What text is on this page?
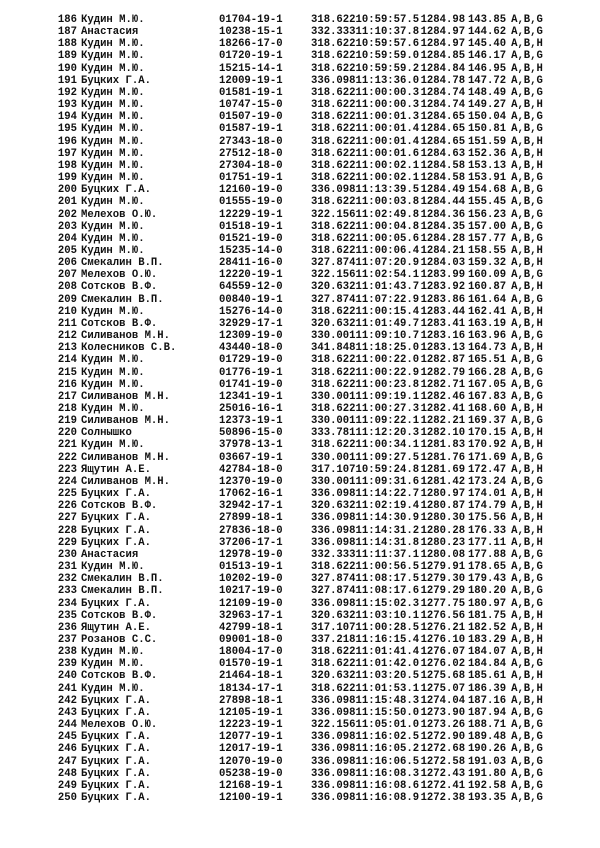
186	Кудин М.Ю.	01704-19-1	318.622	10:59:57.5	1284.98	143.85	A,B,G
187	Анастасия	10238-15-1	332.333	11:10:37.8	1284.97	144.62	A,B,G
188	Кудин М.Ю.	18266-17-0	318.622	10:59:57.6	1284.97	145.40	A,B,H
189	Кудин М.Ю.	01720-19-1	318.622	10:59:59.0	1284.85	146.17	A,B,G
190	Кудин М.Ю.	15215-14-1	318.622	10:59:59.2	1284.84	146.95	A,B,H
191	Буцких Г.А.	12009-19-1	336.098	11:13:36.0	1284.78	147.72	A,B,G
192	Кудин М.Ю.	01581-19-1	318.622	11:00:00.3	1284.74	148.49	A,B,G
193	Кудин М.Ю.	10747-15-0	318.622	11:00:00.3	1284.74	149.27	A,B,H
194	Кудин М.Ю.	01507-19-0	318.622	11:00:01.3	1284.65	150.04	A,B,G
195	Кудин М.Ю.	01587-19-1	318.622	11:00:01.4	1284.65	150.81	A,B,G
196	Кудин М.Ю.	27343-18-0	318.622	11:00:01.4	1284.65	151.59	A,B,H
197	Кудин М.Ю.	27512-18-0	318.622	11:00:01.6	1284.63	152.36	A,B,H
198	Кудин М.Ю.	27304-18-0	318.622	11:00:02.1	1284.58	153.13	A,B,H
199	Кудин М.Ю.	01751-19-1	318.622	11:00:02.1	1284.58	153.91	A,B,G
200	Буцких Г.А.	12160-19-0	336.098	11:13:39.5	1284.49	154.68	A,B,G
201	Кудин М.Ю.	01555-19-0	318.622	11:00:03.8	1284.44	155.45	A,B,G
202	Мелехов О.Ю.	12229-19-1	322.156	11:02:49.8	1284.36	156.23	A,B,G
203	Кудин М.Ю.	01518-19-1	318.622	11:00:04.8	1284.35	157.00	A,B,G
204	Кудин М.Ю.	01521-19-0	318.622	11:00:05.6	1284.28	157.77	A,B,G
205	Кудин М.Ю.	15235-14-0	318.622	11:00:06.4	1284.21	158.55	A,B,H
206	Смекалин В.П.	28411-16-0	327.874	11:07:20.9	1284.03	159.32	A,B,H
207	Мелехов О.Ю.	12220-19-1	322.156	11:02:54.1	1283.99	160.09	A,B,G
208	Сотсков В.Ф.	64559-12-0	320.632	11:01:43.7	1283.92	160.87	A,B,H
209	Смекалин В.П.	00840-19-1	327.874	11:07:22.9	1283.86	161.64	A,B,G
210	Кудин М.Ю.	15276-14-0	318.622	11:00:15.4	1283.44	162.41	A,B,H
211	Сотсков В.Ф.	32929-17-1	320.632	11:01:49.7	1283.41	163.19	A,B,H
212	Силиванов М.Н.	12309-19-0	330.001	11:09:10.7	1283.16	163.96	A,B,G
213	Колесников С.В.	43440-18-0	341.848	11:18:25.0	1283.13	164.73	A,B,H
214	Кудин М.Ю.	01729-19-0	318.622	11:00:22.0	1282.87	165.51	A,B,G
215	Кудин М.Ю.	01776-19-1	318.622	11:00:22.9	1282.79	166.28	A,B,G
216	Кудин М.Ю.	01741-19-0	318.622	11:00:23.8	1282.71	167.05	A,B,G
217	Силиванов М.Н.	12341-19-1	330.001	11:09:19.1	1282.46	167.83	A,B,G
218	Кудин М.Ю.	25016-16-1	318.622	11:00:27.3	1282.41	168.60	A,B,H
219	Силиванов М.Н.	12373-19-1	330.001	11:09:22.1	1282.21	169.37	A,B,G
220	Солнышко	50896-15-0	333.781	11:12:20.3	1282.10	170.15	A,B,H
221	Кудин М.Ю.	37978-13-1	318.622	11:00:34.1	1281.83	170.92	A,B,H
222	Силиванов М.Н.	03667-19-1	330.001	11:09:27.5	1281.76	171.69	A,B,G
223	Ящутин А.Е.	42784-18-0	317.107	10:59:24.8	1281.69	172.47	A,B,H
224	Силиванов М.Н.	12370-19-0	330.001	11:09:31.6	1281.42	173.24	A,B,G
225	Буцких Г.А.	17062-16-1	336.098	11:14:22.7	1280.97	174.01	A,B,H
226	Сотсков В.Ф.	32942-17-1	320.632	11:02:19.4	1280.87	174.79	A,B,H
227	Буцких Г.А.	27899-18-1	336.098	11:14:30.9	1280.30	175.56	A,B,H
228	Буцких Г.А.	27836-18-0	336.098	11:14:31.2	1280.28	176.33	A,B,H
229	Буцких Г.А.	37206-17-1	336.098	11:14:31.8	1280.23	177.11	A,B,H
230	Анастасия	12978-19-0	332.333	11:11:37.1	1280.08	177.88	A,B,G
231	Кудин М.Ю.	01513-19-1	318.622	11:00:56.5	1279.91	178.65	A,B,G
232	Смекалин В.П.	10202-19-0	327.874	11:08:17.5	1279.30	179.43	A,B,G
233	Смекалин В.П.	10217-19-0	327.874	11:08:17.6	1279.29	180.20	A,B,G
234	Буцких Г.А.	12109-19-0	336.098	11:15:02.3	1277.75	180.97	A,B,G
235	Сотсков В.Ф.	32963-17-1	320.632	11:03:10.1	1276.56	181.75	A,B,H
236	Ящутин А.Е.	42799-18-1	317.107	11:00:28.5	1276.21	182.52	A,B,H
237	Розанов С.С.	09001-18-0	337.218	11:16:15.4	1276.10	183.29	A,B,H
238	Кудин М.Ю.	18004-17-0	318.622	11:01:41.4	1276.07	184.07	A,B,H
239	Кудин М.Ю.	01570-19-1	318.622	11:01:42.0	1276.02	184.84	A,B,G
240	Сотсков В.Ф.	21464-18-1	320.632	11:03:20.5	1275.68	185.61	A,B,H
241	Кудин М.Ю.	18134-17-1	318.622	11:01:53.1	1275.07	186.39	A,B,H
242	Буцких Г.А.	27898-18-1	336.098	11:15:48.3	1274.04	187.16	A,B,H
243	Буцких Г.А.	12105-19-1	336.098	11:15:50.0	1273.90	187.94	A,B,G
244	Мелехов О.Ю.	12223-19-1	322.156	11:05:01.0	1273.26	188.71	A,B,G
245	Буцких Г.А.	12077-19-1	336.098	11:16:02.5	1272.90	189.48	A,B,G
246	Буцких Г.А.	12017-19-1	336.098	11:16:05.2	1272.68	190.26	A,B,G
247	Буцких Г.А.	12070-19-0	336.098	11:16:06.5	1272.58	191.03	A,B,G
248	Буцких Г.А.	05238-19-0	336.098	11:16:08.3	1272.43	191.80	A,B,G
249	Буцких Г.А.	12168-19-1	336.098	11:16:08.6	1272.41	192.58	A,B,G
250	Буцких Г.А.	12100-19-1	336.098	11:16:08.9	1272.38	193.35	A,B,G
